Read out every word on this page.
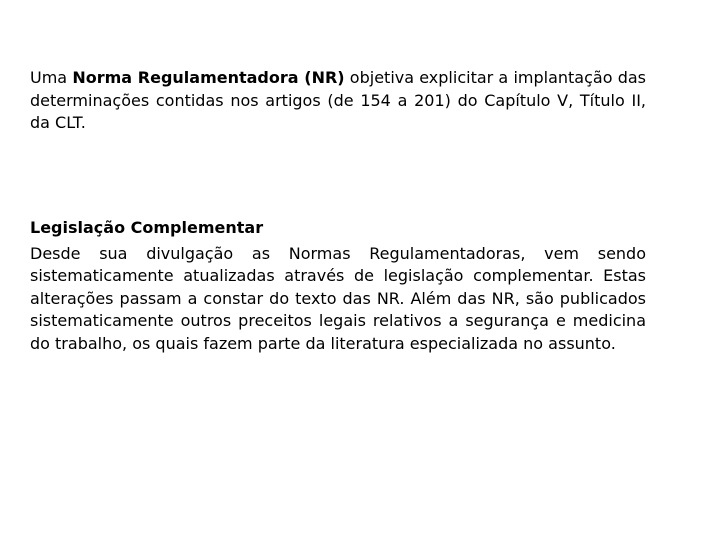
Uma Norma Regulamentadora (NR) objetiva explicitar a implantação das determinações contidas nos artigos (de 154 a 201) do Capítulo V, Título II, da CLT.
Legislação Complementar

Desde sua divulgação as Normas Regulamentadoras, vem sendo sistematicamente atualizadas através de legislação complementar. Estas alterações passam a constar do texto das NR. Além das NR, são publicados sistematicamente outros preceitos legais relativos a segurança e medicina do trabalho, os quais fazem parte da literatura especializada no assunto.
